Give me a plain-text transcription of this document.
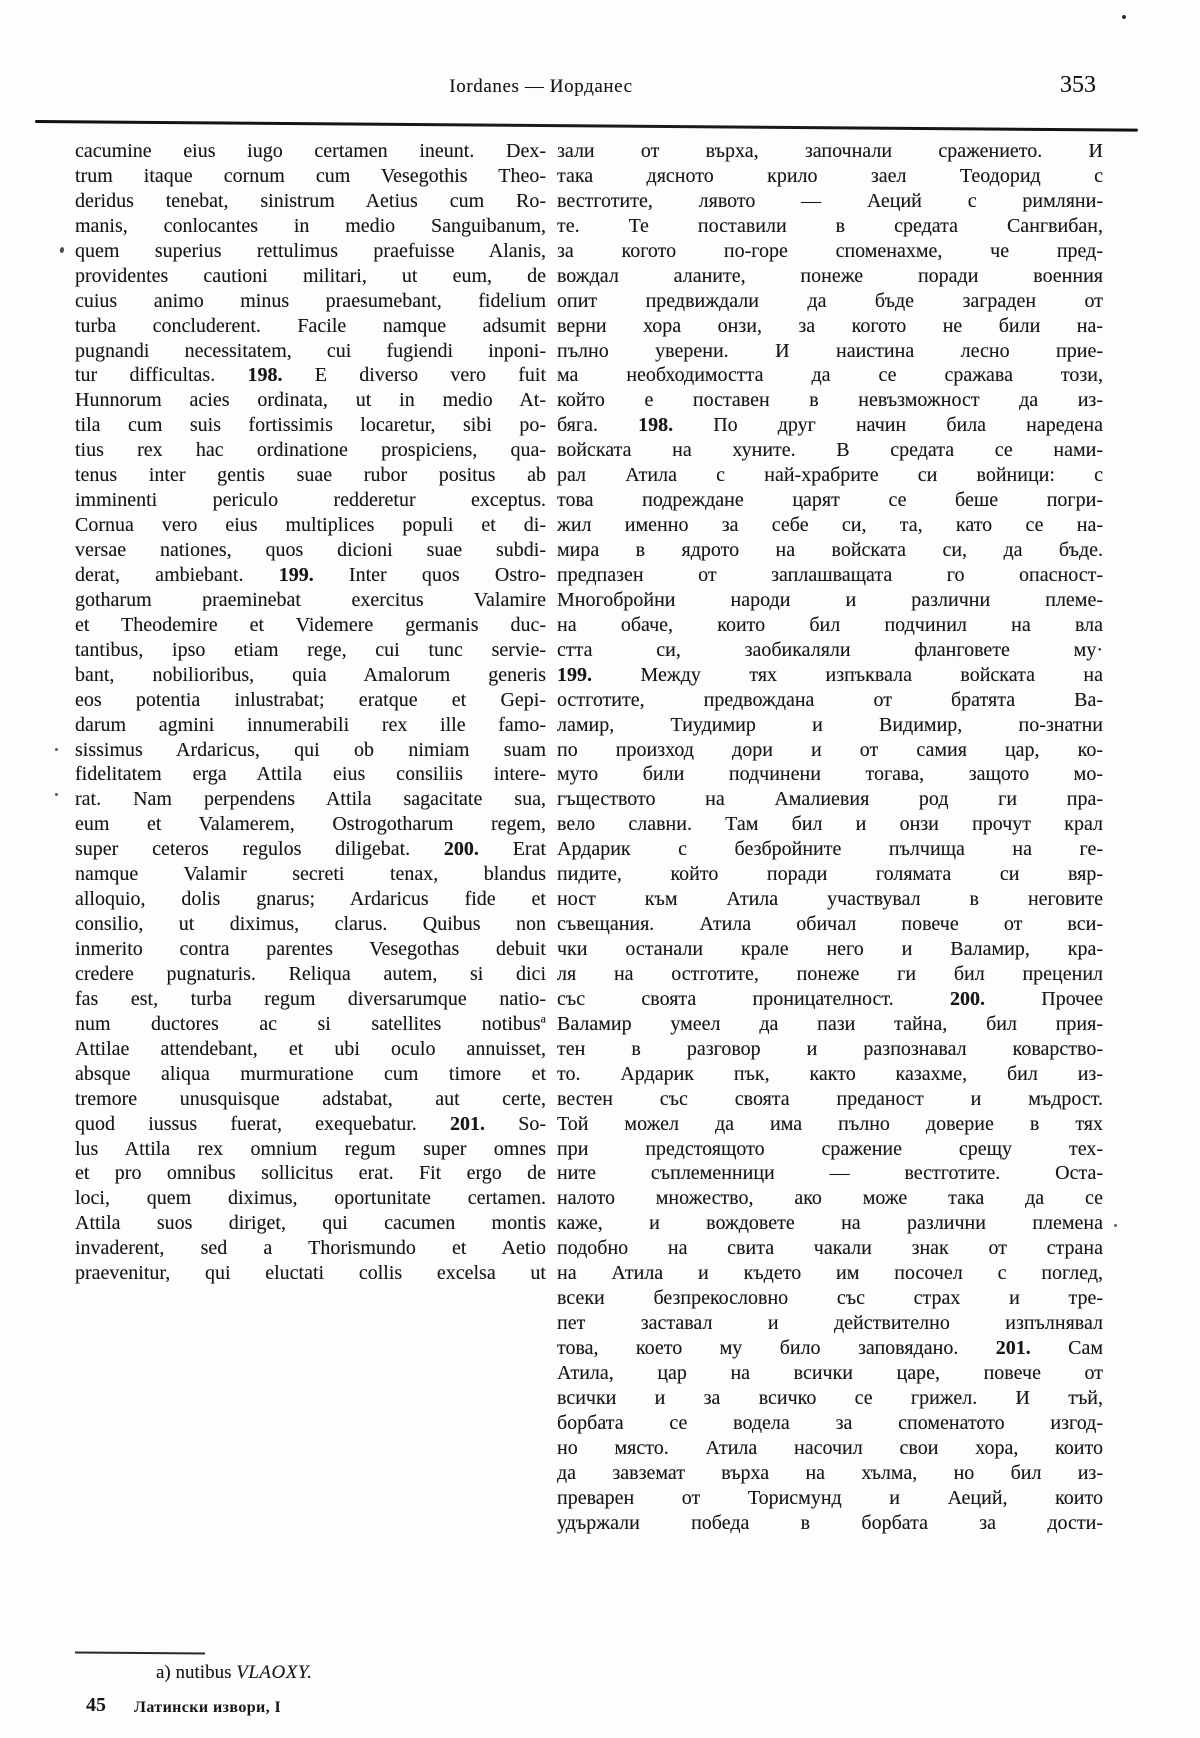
Iordanes — Иорданес	353
cacumine eius iugo certamen ineunt. Dex-
trum itaque cornum cum Vesegothis Theo-
deridus tenebat, sinistrum Aetius cum Ro-
manis, conlocantes in medio Sanguibanum,
quem superius rettulimus praefuisse Alanis,
providentes cautioni militari, ut eum, de
cuius animo minus praesumebant, fidelium
turba concluderent. Facile namque adsumit
pugnandi necessitatem, cui fugiendi inponi-
tur difficultas. 198. E diverso vero fuit
Hunnorum acies ordinata, ut in medio At-
tila cum suis fortissimis locaretur, sibi po-
tius rex hac ordinatione prospiciens, qua-
tenus inter gentis suae rubor positus ab
imminenti periculo redderetur exceptus.
Cornua vero eius multiplices populi et di-
versae nationes, quos dicioni suae subdi-
derat, ambiebant. 199. Inter quos Ostro-
gotharum praeminebat exercitus Valamire
et Theodemire et Videmere germanis duc-
tantibus, ipso etiam rege, cui tunc servie-
bant, nobilioribus, quia Amalorum generis
eos potentia inlustrabat; eratque et Gepi-
darum agmini innumerabili rex ille famo-
sissimus Ardaricus, qui ob nimiam suam
fidelitatem erga Attila eius consiliis intere-
rat. Nam perpendens Attila sagacitate sua,
eum et Valamerem, Ostrogotharum regem,
super ceteros regulos diligebat. 200. Erat
namque Valamir secreti tenax, blandus
alloquio, dolis gnarus; Ardaricus fide et
consilio, ut diximus, clarus. Quibus non
inmerito contra parentes Vesegothas debuit
credere pugnaturis. Reliqua autem, si dici
fas est, turba regum diversarumque natio-
num ductores ac si satellites notibus$^a$
Attilae attendebant, et ubi oculo annuisset,
absque aliqua murmuratione cum timore et
tremore unusquisque adstabat, aut certe,
quod iussus fuerat, exequebatur. 201. So-
lus Attila rex omnium regum super omnes
et pro omnibus sollicitus erat. Fit ergo de
loci, quem diximus, oportunitate certamen.
Attila suos diriget, qui cacumen montis
invaderent, sed a Thorismundo et Aetio
praevenitur, qui eluctati collis excelsa ut
зали от върха, започнали сражението. И
така дясното крило заел Теодорид с
вестготите, лявото — Аеций с римляни-
те. Те поставили в средата Сангвибан,
за когото по-горе споменахме, че пред-
вождал аланите, понеже поради военния
опит предвиждали да бъде заграден от
верни хора онзи, за когото не били на-
пълно уверени. И наистина лесно прие-
ма необходимостта да се сражава този,
който е поставен в невъзможност да из-
бяга. 198. По друг начин била наредена
войската на хуните. В средата се нами-
рал Атила с най-храбрите си войници: с
това подреждане царят се беше погри-
жил именно за себе си, та, като се на-
мира в ядрото на войската си, да бъде.
предпазен от заплашващата го опасност-
Многобройни народи и различни племе-
на обаче, които бил подчинил на вла
стта си, заобикаляли фланговете му·
199. Между тях изпъквала войската на
остготите, предвождана от братята Ва-
ламир, Тиудимир и Видимир, по-знатни
по произход дори и от самия цар, ко-
муто били подчинени тогава, защото мо-
гъществото на Амалиевия род ги пра-
вело славни. Там бил и онзи прочут крал
Ардарик с безбройните пълчища на ге-
пидите, който поради голямата си вяр-
ност към Атила участвувал в неговите
съвещания. Атила обичал повече от вси-
чки останали крале него и Валамир, кра-
ля на остготите, понеже ги бил преценил
със своята проницателност. 200. Прочее
Валамир умеел да пази тайна, бил прия-
тен в разговор и разпознавал коварство-
то. Ардарик пък, както казахме, бил из-
вестен със своята преданост и мъдрост.
Той можел да има пълно доверие в тях
при предстоящото сражение срещу тех-
ните съплеменници — вестготите. Оста-
налото множество, ако може така да се
каже, и вождовете на различни племена
подобно на свита чакали знак от страна
на Атила и където им посочел с поглед,
всеки безпрекословно със страх и тре-
пет заставал и действително изпълнявал
това, което му било заповядано. 201. Сам
Атила, цар на всички царе, повече от
всички и за всичко се грижел. И тъй,
борбата се водела за споменатото изгод-
но място. Атила насочил свои хора, които
да завземат върха на хълма, но бил из-
преварен от Торисмунд и Аеций, които
удържали победа в борбата за дости-
a) nutibus VLAOXY.
45 Латински извори, I
